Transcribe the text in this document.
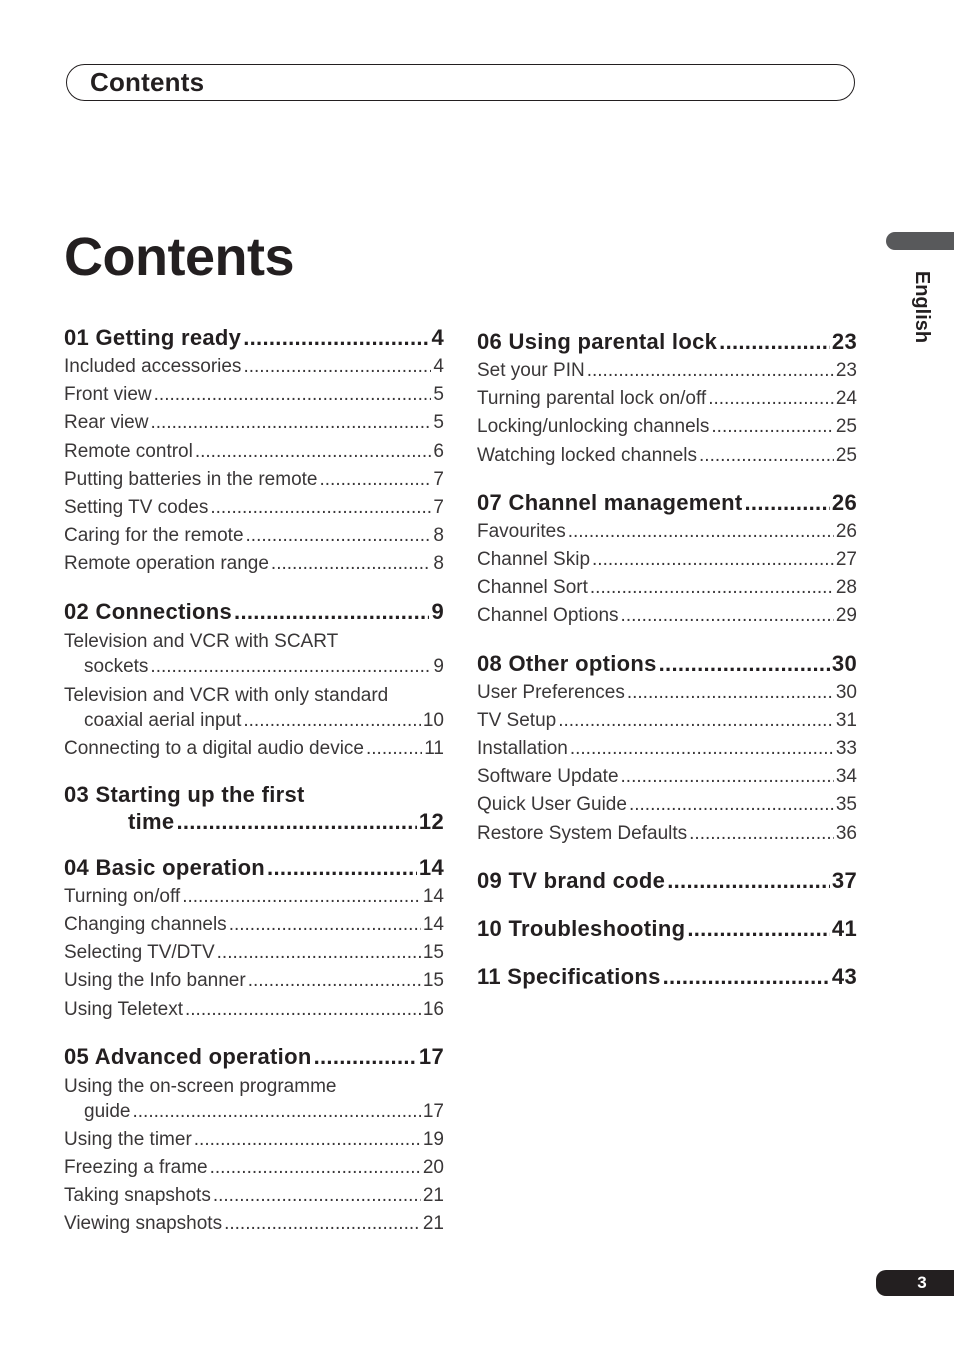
Contents
Contents
English
3
01 Getting ready .....	4
Included accessories .....	4
Front view .....	5
Rear view .....	5
Remote control .....	6
Putting batteries in the remote .....	7
Setting TV codes .....	7
Caring for the remote .....	8
Remote operation range .....	8
02 Connections .....	9
Television and VCR with SCART
sockets .....	9
Television and VCR with only standard
coaxial aerial input .....	10
Connecting to a digital audio device .....	11
03 Starting up the first
time .....	12
04 Basic operation .....	14
Turning on/off .....	14
Changing channels .....	14
Selecting TV/DTV .....	15
Using the Info banner .....	15
Using Teletext .....	16
05 Advanced operation .....	17
Using the on-screen programme
guide .....	17
Using the timer .....	19
Freezing a frame .....	20
Taking snapshots .....	21
Viewing snapshots .....	21
06 Using parental lock .....	23
Set your PIN .....	23
Turning parental lock on/off .....	24
Locking/unlocking channels .....	25
Watching locked channels .....	25
07 Channel management .....	26
Favourites .....	26
Channel Skip .....	27
Channel Sort .....	28
Channel Options .....	29
08 Other options .....	30
User Preferences .....	30
TV Setup .....	31
Installation .....	33
Software Update .....	34
Quick User Guide .....	35
Restore System Defaults .....	36
09 TV brand code .....	37
10 Troubleshooting .....	41
11 Specifications .....	43
